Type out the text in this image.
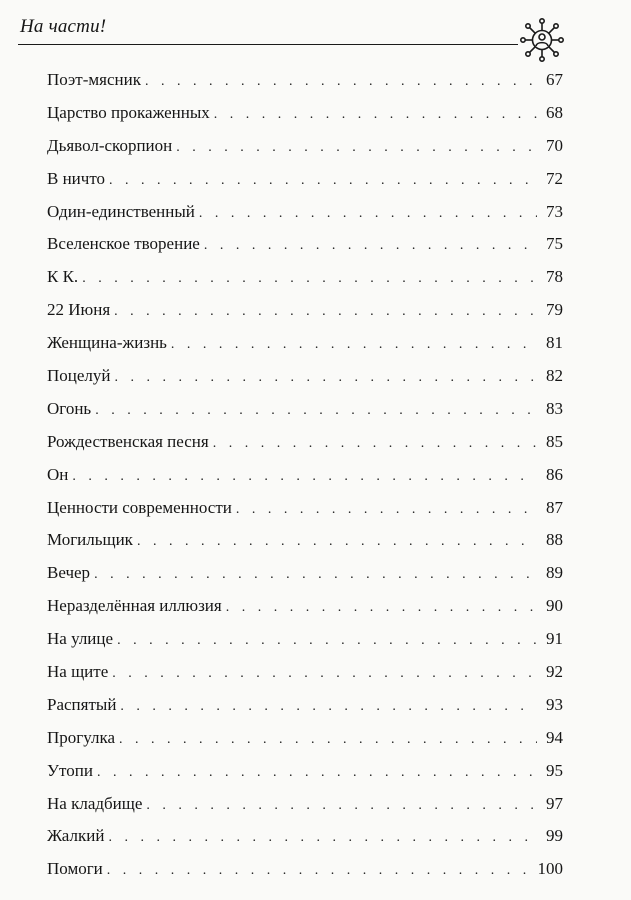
На части!
Поэт-мясник . . .	67
Царство прокаженных . . .	68
Дьявол-скорпион . . .	70
В ничто . . .	72
Один-единственный . . .	73
Вселенское творение . . .	75
К К. . . .	78
22 Июня . . .	79
Женщина-жизнь . . .	81
Поцелуй . . .	82
Огонь . . .	83
Рождественская песня . . .	85
Он . . .	86
Ценности современности . . .	87
Могильщик . . .	88
Вечер . . .	89
Неразделённая иллюзия . . .	90
На улице . . .	91
На щите . . .	92
Распятый . . .	93
Прогулка . . .	94
Утопи . . .	95
На кладбище . . .	97
Жалкий . . .	99
Помоги . . .	100
